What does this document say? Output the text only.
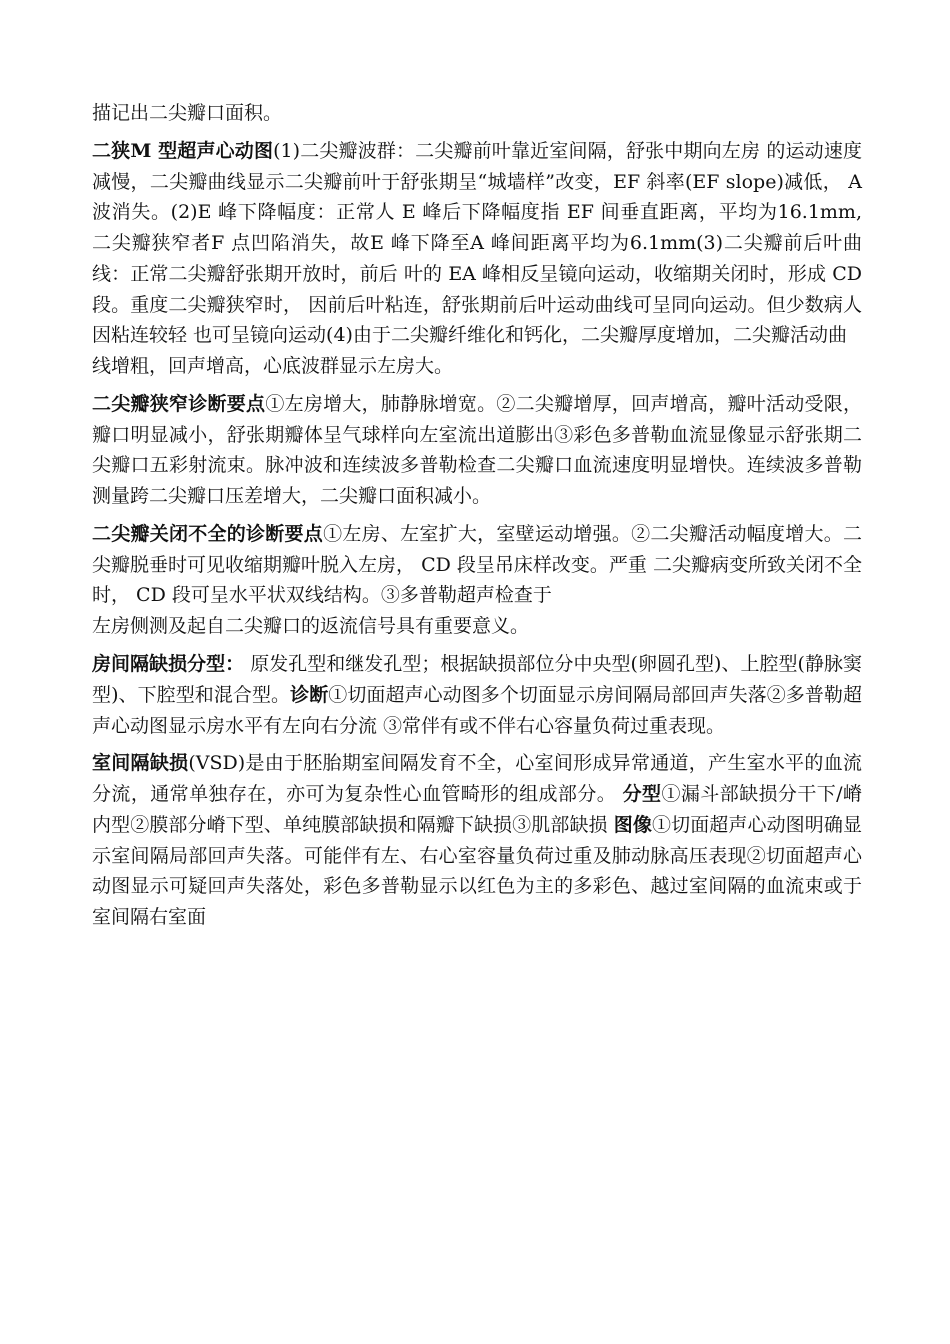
描记出二尖瓣口面积。

二狭M 型超声心动图(1)二尖瓣波群：二尖瓣前叶靠近室间隔，舒张中期向左房 的运动速度减慢，二尖瓣曲线显示二尖瓣前叶于舒张期呈“城墙样”改变，EF 斜率(EF slope)减低， A 波消失。(2)E 峰下降幅度：正常人 E 峰后下降幅度指 EF 间垂直距离，平均为16.1mm, 二尖瓣狭窄者F 点凹陷消失，故E 峰下降至A 峰间距离平均为6.1mm(3)二尖瓣前后叶曲线：正常二尖瓣舒张期开放时，前后 叶的 EA 峰相反呈镜向运动，收缩期关闭时，形成 CD 段。重度二尖瓣狭窄时， 因前后叶粘连，舒张期前后叶运动曲线可呈同向运动。但少数病人因粘连较轻 也可呈镜向运动(4)由于二尖瓣纤维化和钙化，二尖瓣厚度增加，二尖瓣活动曲
线增粗，回声增高，心底波群显示左房大。

二尖瓣狭窄诊断要点①左房增大，肺静脉增宽。②二尖瓣增厚，回声增高，瓣叶活动受限，瓣口明显减小，舒张期瓣体呈气球样向左室流出道膨出③彩色多普勒血流显像显示舒张期二尖瓣口五彩射流束。脉冲波和连续波多普勒检查二尖瓣口血流速度明显增快。连续波多普勒测量跨二尖瓣口压差增大，二尖瓣口面积减小。

二尖瓣关闭不全的诊断要点①左房、左室扩大，室壁运动增强。②二尖瓣活动幅度增大。二尖瓣脱垂时可见收缩期瓣叶脱入左房， CD 段呈吊床样改变。严重 二尖瓣病变所致关闭不全时， CD 段可呈水平状双线结构。③多普勒超声检查于
左房侧测及起自二尖瓣口的返流信号具有重要意义。

房间隔缺损分型： 原发孔型和继发孔型；根据缺损部位分中央型(卵圆孔型)、上腔型(静脉窦型)、下腔型和混合型。诊断①切面超声心动图多个切面显示房间隔局部回声失落②多普勒超声心动图显示房水平有左向右分流 ③常伴有或不伴右心容量负荷过重表现。

室间隔缺损(VSD)是由于胚胎期室间隔发育不全，心室间形成异常通道，产生室水平的血流分流，通常单独存在，亦可为复杂性心血管畸形的组成部分。 分型①漏斗部缺损分干下/嵴内型②膜部分嵴下型、单纯膜部缺损和隔瓣下缺损③肌部缺损 图像①切面超声心动图明确显示室间隔局部回声失落。可能伴有左、右心室容量负荷过重及肺动脉高压表现②切面超声心动图显示可疑回声失落处，彩色多普勒显示以红色为主的多彩色、越过室间隔的血流束或于室间隔右室面
